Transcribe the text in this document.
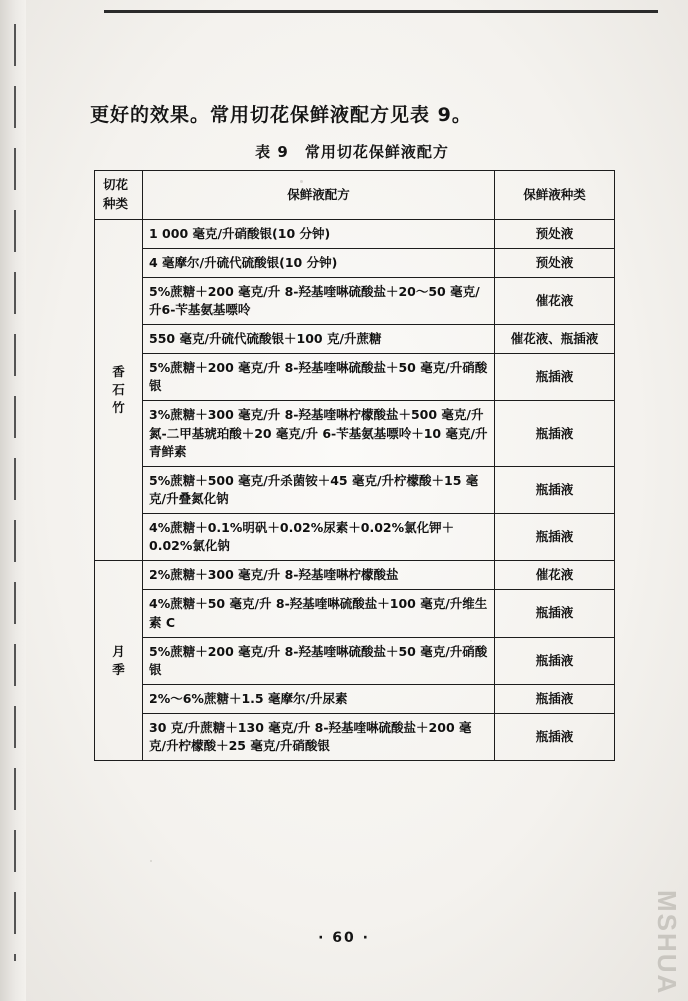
更好的效果。常用切花保鲜液配方见表 9。

表 9　常用切花保鲜液配方
切花
种类	保鲜液配方	保鲜液种类

香
石
竹	1 000 毫克/升硝酸银(10 分钟)	预处液
	4 毫摩尔/升硫代硫酸银(10 分钟)	预处液
	5%蔗糖＋200 毫克/升 8-羟基喹啉硫酸盐＋20～50 毫克/升6-苄基氨基嘌呤	催花液
	550 毫克/升硫代硫酸银＋100 克/升蔗糖	催花液、瓶插液
	5%蔗糖＋200 毫克/升 8-羟基喹啉硫酸盐＋50 毫克/升硝酸银	瓶插液
	3%蔗糖＋300 毫克/升 8-羟基喹啉柠檬酸盐＋500 毫克/升氮-二甲基琥珀酸＋20 毫克/升 6-苄基氨基嘌呤＋10 毫克/升青鲜素	瓶插液
	5%蔗糖＋500 毫克/升杀菌铵＋45 毫克/升柠檬酸＋15 毫克/升叠氮化钠	瓶插液
	4%蔗糖＋0.1%明矾＋0.02%尿素＋0.02%氯化钾＋0.02%氯化钠	瓶插液

月
季	2%蔗糖＋300 毫克/升 8-羟基喹啉柠檬酸盐	催花液
	4%蔗糖＋50 毫克/升 8-羟基喹啉硫酸盐＋100 毫克/升维生素 C	瓶插液
	5%蔗糖＋200 毫克/升 8-羟基喹啉硫酸盐＋50 毫克/升硝酸银	瓶插液
	2%～6%蔗糖＋1.5 毫摩尔/升尿素	瓶插液
	30 克/升蔗糖＋130 毫克/升 8-羟基喹啉硫酸盐＋200 毫克/升柠檬酸＋25 毫克/升硝酸银	瓶插液
· 60 ·	MSHUA
